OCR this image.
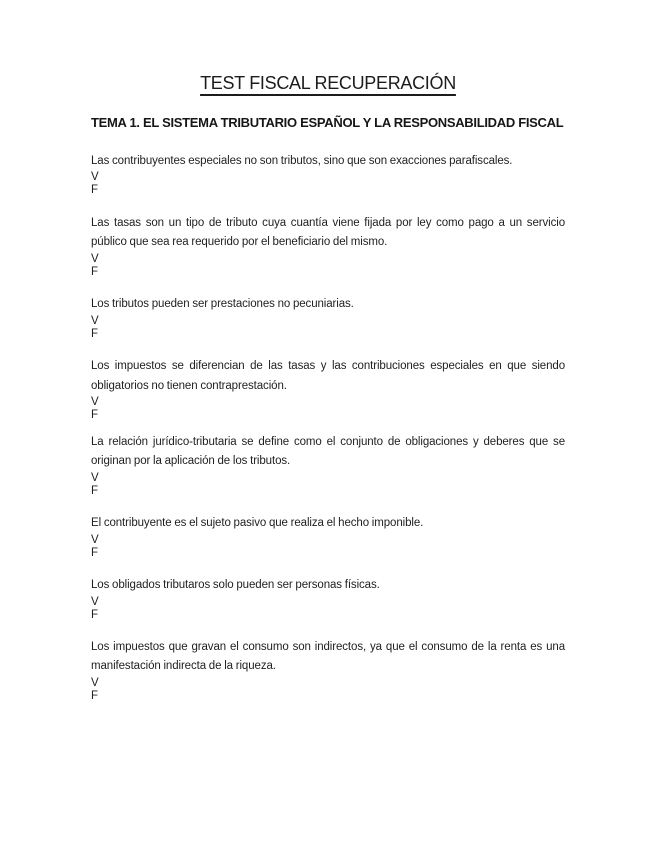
TEST FISCAL RECUPERACIÓN
TEMA 1. EL SISTEMA TRIBUTARIO ESPAÑOL Y LA RESPONSABILIDAD FISCAL

Las contribuyentes especiales no son tributos, sino que son exacciones parafiscales.

V

F

Las tasas son un tipo de tributo cuya cuantía viene fijada por ley como pago a un servicio público que sea rea requerido por el beneficiario del mismo.

V

F

Los tributos pueden ser prestaciones no pecuniarias.

V

F

Los impuestos se diferencian de las tasas y las contribuciones especiales en que siendo obligatorios no tienen contraprestación.

V

F

La relación jurídico-tributaria se define como el conjunto de obligaciones y deberes que se originan por la aplicación de los tributos.

V

F

El contribuyente es el sujeto pasivo que realiza el hecho imponible.

V

F

Los obligados tributaros solo pueden ser personas físicas.

V

F

Los impuestos que gravan el consumo son indirectos, ya que el consumo de la renta es una manifestación indirecta de la riqueza.

V

F
